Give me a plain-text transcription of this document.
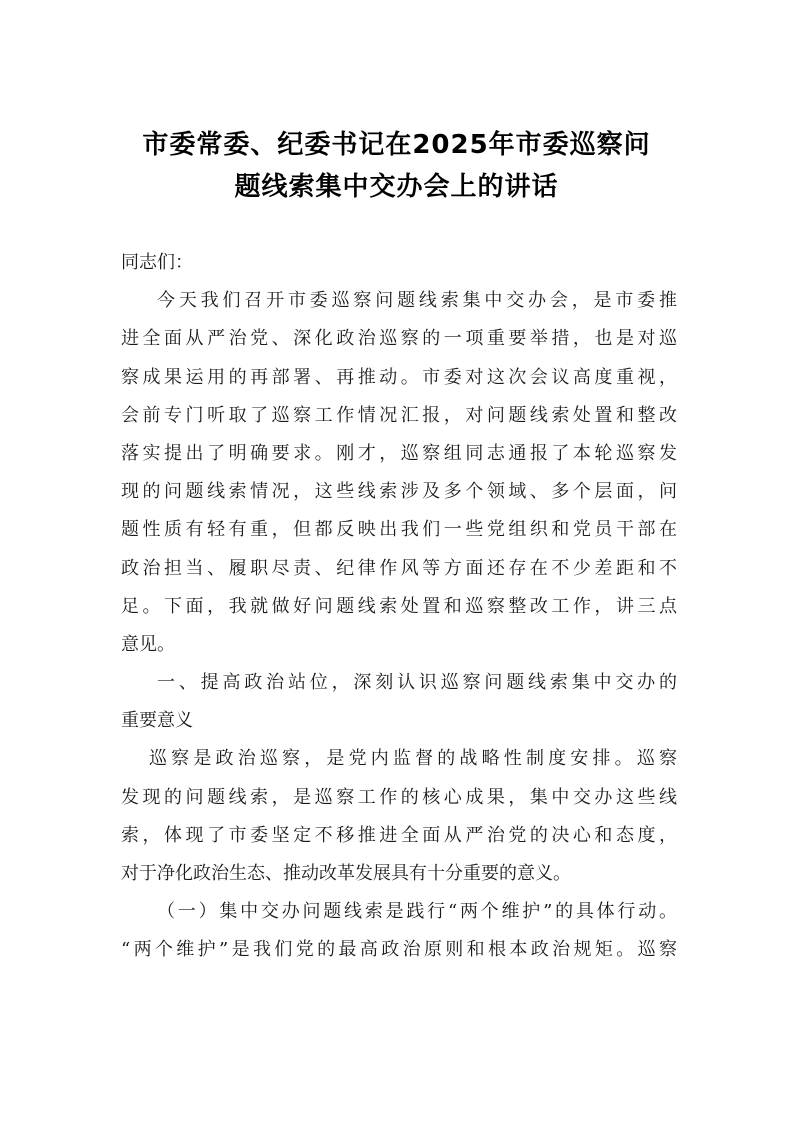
市委常委、纪委书记在2025年市委巡察问
题线索集中交办会上的讲话
同志们：
今天我们召开市委巡察问题线索集中交办会，是市委推
进全面从严治党、深化政治巡察的一项重要举措，也是对巡
察成果运用的再部署、再推动。市委对这次会议高度重视，
会前专门听取了巡察工作情况汇报，对问题线索处置和整改
落实提出了明确要求。刚才，巡察组同志通报了本轮巡察发
现的问题线索情况，这些线索涉及多个领域、多个层面，问
题性质有轻有重，但都反映出我们一些党组织和党员干部在
政治担当、履职尽责、纪律作风等方面还存在不少差距和不
足。下面，我就做好问题线索处置和巡察整改工作，讲三点
意见。
一、提高政治站位，深刻认识巡察问题线索集中交办的
重要意义
巡察是政治巡察，是党内监督的战略性制度安排。巡察
发现的问题线索，是巡察工作的核心成果，集中交办这些线
索，体现了市委坚定不移推进全面从严治党的决心和态度，
对于净化政治生态、推动改革发展具有十分重要的意义。
（一）集中交办问题线索是践行“两个维护”的具体行动。
“两个维护”是我们党的最高政治原则和根本政治规矩。巡察
